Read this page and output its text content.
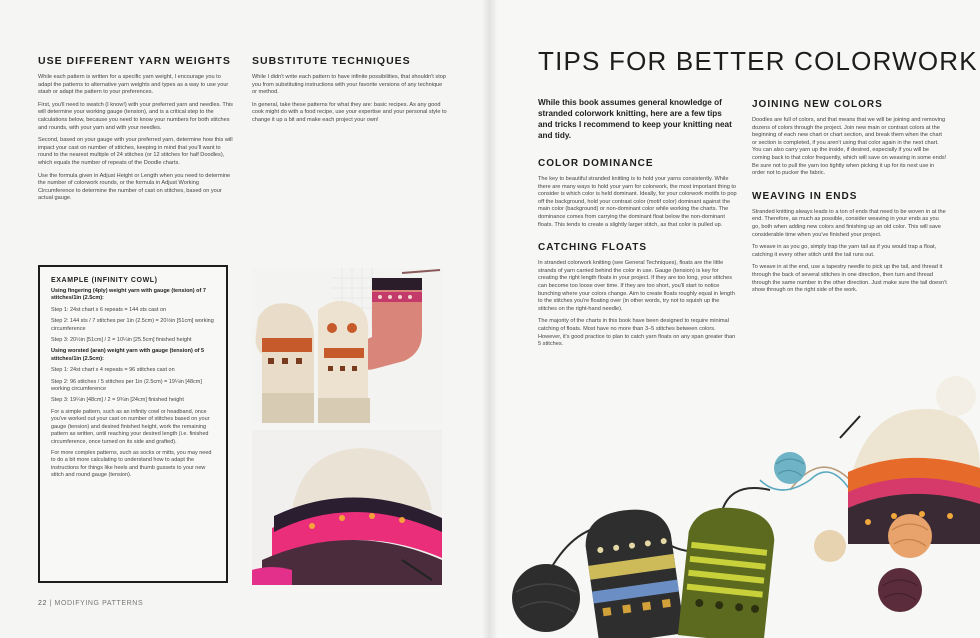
USE DIFFERENT YARN WEIGHTS

While each pattern is written for a specific yarn weight, I encourage you to adapt the patterns to alternative yarn weights and types as a way to use your stash or adapt the pattern to your preferences.

First, you'll need to swatch (I know!) with your preferred yarn and needles. This will determine your working gauge (tension), and is a critical step to the calculations below, because you need to know your numbers for both stitches and rounds, with your yarn and with your needles.

Second, based on your gauge with your preferred yarn, determine how this will impact your cast on number of stitches, keeping in mind that you'll want to round to the nearest multiple of 24 stitches (or 12 stitches for half Doodles), which equals the number of repeats of the Doodle charts.

Use the formula given in Adjust Height or Length when you need to determine the number of colorwork rounds, or the formula in Adjust Working Circumference to determine the number of cast on stitches, based on your actual gauge.

SUBSTITUTE TECHNIQUES

While I didn't write each pattern to have infinite possibilities, that shouldn't stop you from substituting instructions with your favorite versions of any technique or method.

In general, take these patterns for what they are: basic recipes. As any good cook might do with a food recipe, use your expertise and your personal style to change it up a bit and make each project your own!

EXAMPLE (INFINITY COWL)

Using fingering (4ply) weight yarn with gauge (tension) of 7 stitches/1in (2.5cm):

Step 1: 24st chart x 6 repeats = 144 sts cast on

Step 2: 144 sts / 7 stitches per 1in (2.5cm) = 20½in [51cm] working circumference

Step 3: 20½in [51cm] / 2 = 10¼in [25.5cm] finished height

Using worsted (aran) weight yarn with gauge (tension) of 5 stitches/1in (2.5cm):

Step 1: 24st chart x 4 repeats = 96 stitches cast on

Step 2: 96 stitches / 5 stitches per 1in (2.5cm) = 19¼in [48cm] working circumference

Step 3: 19¼in [48cm] / 2 = 9¾in [24cm] finished height

For a simple pattern, such as an infinity cowl or headband, once you've worked out your cast on number of stitches based on your gauge (tension) and desired finished height, work the remaining pattern as written, until reaching your desired length (i.e. finished circumference, once turned on its side and grafted).

For more complex patterns, such as socks or mitts, you may need to do a bit more calculating to understand how to adapt the instructions for things like heels and thumb gussets to your new stitch and round gauge (tension).

22 | MODIFYING PATTERNS
TIPS FOR BETTER COLORWORK

While this book assumes general knowledge of stranded colorwork knitting, here are a few tips and tricks I recommend to keep your knitting neat and tidy.

COLOR DOMINANCE

The key to beautiful stranded knitting is to hold your yarns consistently. While there are many ways to hold your yarn for colorwork, the most important thing to consider is which color is held dominant. Ideally, for your colorwork motifs to pop off the background, hold your contrast color (motif color) dominant against the main color (background) or non-dominant color while working the charts. The dominance comes from carrying the dominant float below the non-dominant floats. This tends to create a slightly larger stitch, as that color is pulled up.

CATCHING FLOATS

In stranded colorwork knitting (see General Techniques), floats are the little strands of yarn carried behind the color in use. Gauge (tension) is key for creating the right length floats in your project. If they are too long, your stitches can become too loose over time. If they are too short, you'll start to notice bunching where your colors change. Aim to create floats roughly equal in length to the stitches you're floating over (in other words, try not to squish up the stitches on the right-hand needle).

The majority of the charts in this book have been designed to require minimal catching of floats. Most have no more than 3–5 stitches between colors. However, it's good practice to plan to catch yarn floats on any span greater than 5 stitches.

JOINING NEW COLORS

Doodles are full of colors, and that means that we will be joining and removing dozens of colors through the project. Join new main or contrast colors at the beginning of each new chart or chart section, and break them when the chart or section is completed, if you aren't using that color again in the next chart. You can also carry yarn up the inside, if desired, especially if you will be coming back to that color frequently, which will save on weaving in some ends! Be sure not to pull the yarn too tightly when picking it up for its next use in order not to pucker the fabric.

WEAVING IN ENDS

Stranded knitting always leads to a ton of ends that need to be woven in at the end. Therefore, as much as possible, consider weaving in your ends as you go, both when adding new colors and finishing up an old color. This will save considerable time when you've finished your project.

To weave in as you go, simply trap the yarn tail as if you would trap a float, catching it every other stitch until the tail runs out.

To weave in at the end, use a tapestry needle to pick up the tail, and thread it through the back of several stitches in one direction, then turn and thread through the same number in the other direction. Just make sure the tail doesn't show through on the right side of the work.
